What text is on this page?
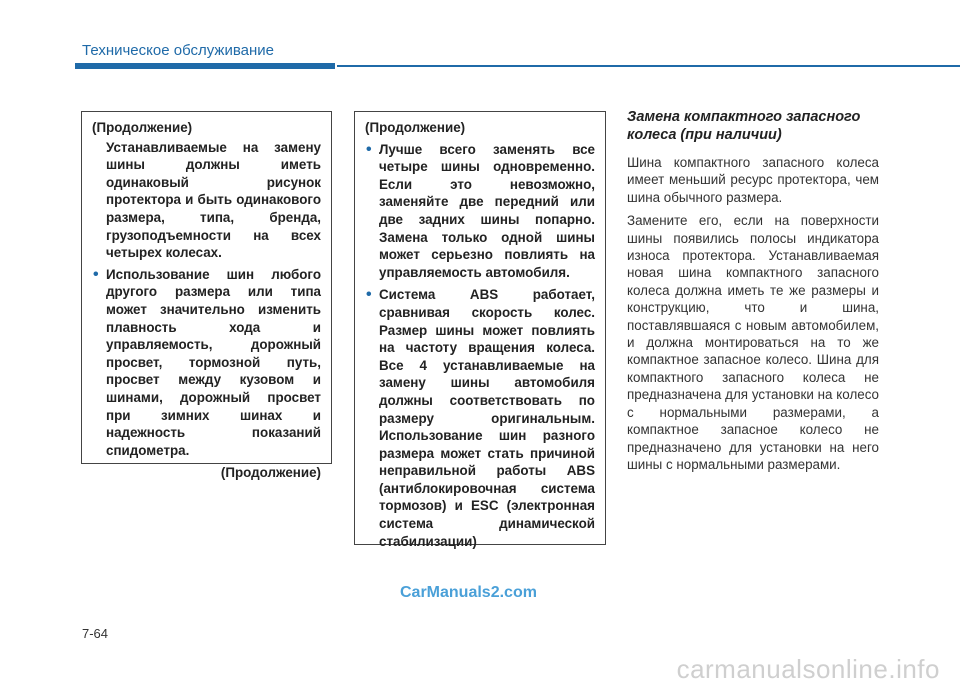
Техническое обслуживание
(Продолжение)

Устанавливаемые на замену шины должны иметь одинаковый рисунок протектора и быть одинакового размера, типа, бренда, грузоподъемности на всех четырех колесах.

• Использование шин любого другого размера или типа может значительно изменить плавность хода и управляемость, дорожный просвет, тормозной путь, просвет между кузовом и шинами, дорожный просвет при зимних шинах и надежность показаний спидометра.
(Продолжение)
(Продолжение)
• Лучше всего заменять все четыре шины одновременно. Если это невозможно, заменяйте две передний или две задних шины попарно. Замена только одной шины может серьезно повлиять на управляемость автомобиля.
• Система ABS работает, сравнивая скорость колес. Размер шины может повлиять на частоту вращения колеса. Все 4 устанавливаемые на замену шины автомобиля должны соответствовать по размеру оригинальным. Использование шин разного размера может стать причиной неправильной работы ABS (антиблокировочная система тормозов) и ESC (электронная система динамической стабилизации)
Замена компактного запасного колеса (при наличии)

Шина компактного запасного колеса имеет меньший ресурс протектора, чем шина обычного размера.

Замените его, если на поверхности шины появились полосы индикатора износа протектора. Устанавливаемая новая шина компактного запасного колеса должна иметь те же размеры и конструкцию, что и шина, поставлявшаяся с новым автомобилем, и должна монтироваться на то же компактное запасное колесо. Шина для компактного запасного колеса не предназначена для установки на колесо с нормальными размерами, а компактное запасное колесо не предназначено для установки на него шины с нормальными размерами.

CarManuals2.com
7-64
carmanualsonline.info
